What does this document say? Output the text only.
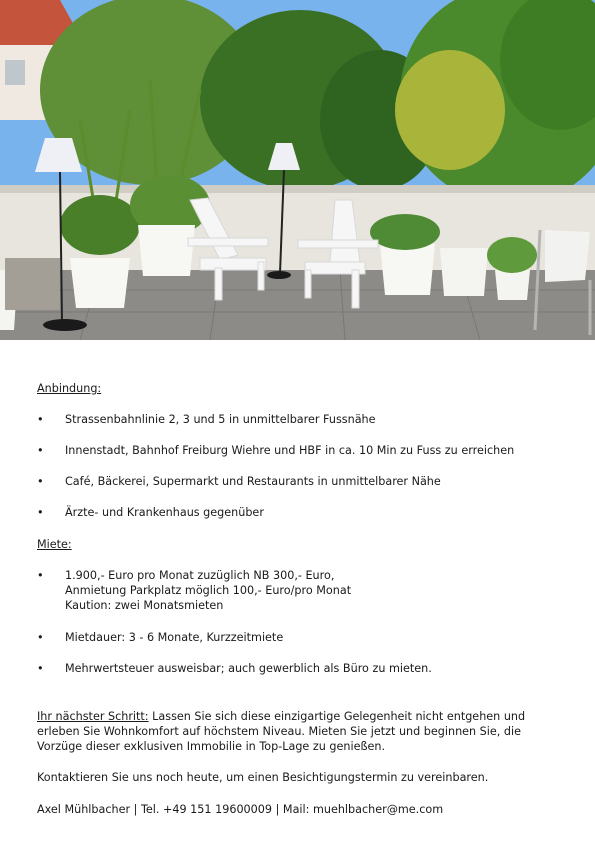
Anbindung:
•	Strassenbahnlinie 2, 3 und 5 in unmittelbarer Fussnähe
•	Innenstadt, Bahnhof Freiburg Wiehre und HBF in ca. 10 Min zu Fuss zu erreichen
•	Café, Bäckerei, Supermarkt und Restaurants in unmittelbarer Nähe
•	Ärzte- und Krankenhaus gegenüber
Miete:
•	1.900,- Euro pro Monat zuzüglich NB 300,- Euro,
Anmietung Parkplatz möglich 100,- Euro/pro Monat
Kaution: zwei Monatsmieten
•	Mietdauer: 3 - 6 Monate, Kurzzeitmiete
•	Mehrwertsteuer ausweisbar; auch gewerblich als Büro zu mieten.
Ihr nächster Schritt: Lassen Sie sich diese einzigartige Gelegenheit nicht entgehen und erleben Sie Wohnkomfort auf höchstem Niveau. Mieten Sie jetzt und beginnen Sie, die Vorzüge dieser exklusiven Immobilie in Top-Lage zu genießen.
Kontaktieren Sie uns noch heute, um einen Besichtigungstermin zu vereinbaren.
Axel Mühlbacher | Tel. +49 151 19600009 | Mail: muehlbacher@me.com
